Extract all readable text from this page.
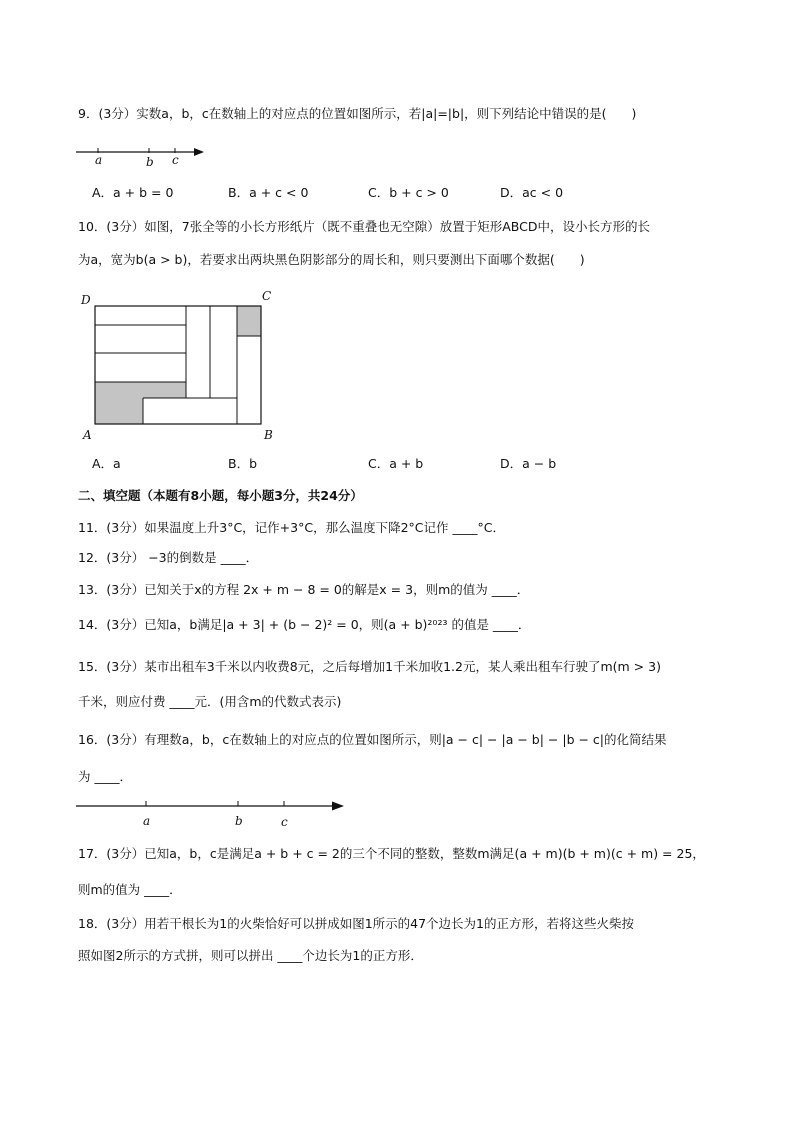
9．(3分）实数a，b，c在数轴上的对应点的位置如图所示，若|a|=|b|，则下列结论中错误的是(　　)
a	b c
A．a + b = 0	B．a + c < 0	C．b + c > 0	D．ac < 0
10．(3分）如图，7张全等的小长方形纸片（既不重叠也无空隙）放置于矩形ABCD中，设小长方形的长
为a，宽为b(a > b)，若要求出两块黑色阴影部分的周长和，则只要测出下面哪个数据(　　)
D	C
A	B
A．a	B．b	C．a + b	D．a − b
二、填空题（本题有8小题，每小题3分，共24分）
11．(3分）如果温度上升3°C，记作+3°C，那么温度下降2°C记作 ____°C．
12．(3分） −3的倒数是 ____．
13．(3分）已知关于x的方程 2x + m − 8 = 0的解是x = 3，则m的值为 ____．
14．(3分）已知a，b满足|a + 3| + (b − 2)² = 0，则(a + b)²⁰²³ 的值是 ____．
15．(3分）某市出租车3千米以内收费8元，之后每增加1千米加收1.2元，某人乘出租车行驶了m(m > 3)
千米，则应付费 ____元．(用含m的代数式表示)
16．(3分）有理数a，b，c在数轴上的对应点的位置如图所示，则|a − c| − |a − b| − |b − c|的化简结果
为 ____．
a	b	c
17．(3分）已知a，b，c是满足a + b + c = 2的三个不同的整数，整数m满足(a + m)(b + m)(c + m) = 25，
则m的值为 ____．
18．(3分）用若干根长为1的火柴恰好可以拼成如图1所示的47个边长为1的正方形，若将这些火柴按
照如图2所示的方式拼，则可以拼出 ____个边长为1的正方形．
